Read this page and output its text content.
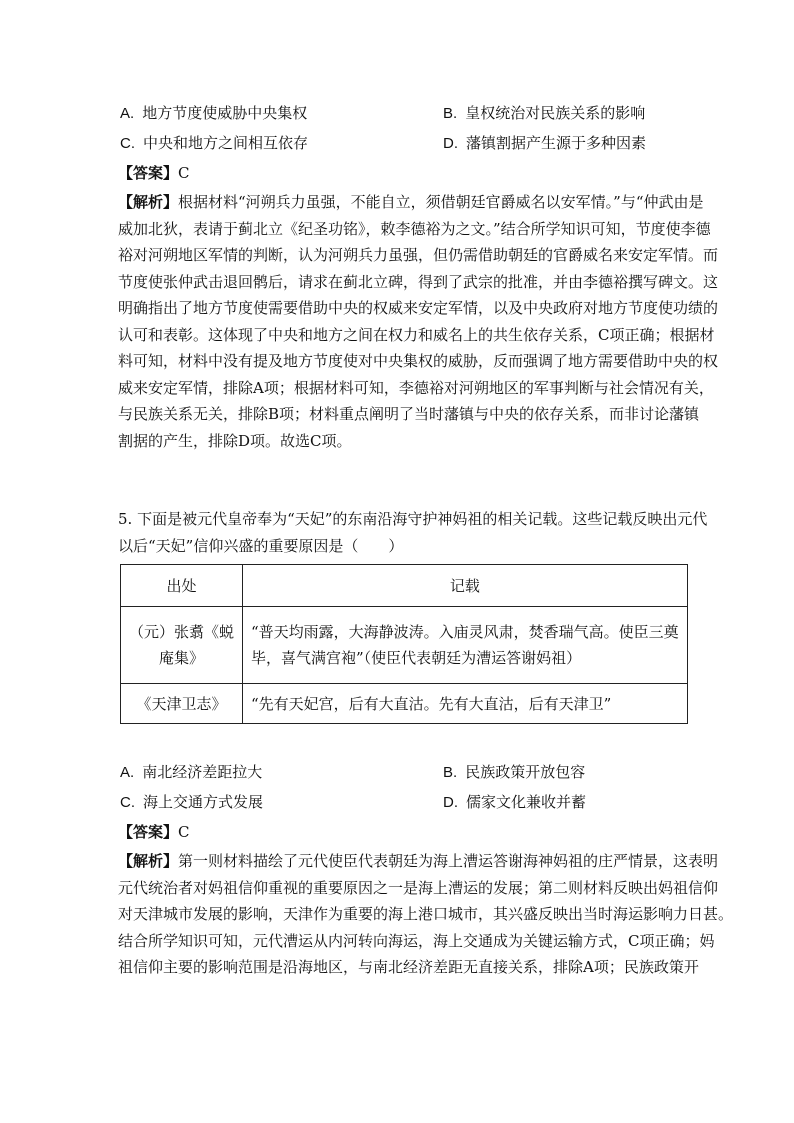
A. 地方节度使威胁中央集权	B. 皇权统治对民族关系的影响
C. 中央和地方之间相互依存	D. 藩镇割据产生源于多种因素
【答案】C
【解析】根据材料“河朔兵力虽强，不能自立，须借朝廷官爵威名以安军情。”与“仲武由是
威加北狄，表请于蓟北立《纪圣功铭》，敕李德裕为之文。”结合所学知识可知，节度使李德
裕对河朔地区军情的判断，认为河朔兵力虽强，但仍需借助朝廷的官爵威名来安定军情。而
节度使张仲武击退回鹘后，请求在蓟北立碑，得到了武宗的批准，并由李德裕撰写碑文。这
明确指出了地方节度使需要借助中央的权威来安定军情，以及中央政府对地方节度使功绩的
认可和表彰。这体现了中央和地方之间在权力和威名上的共生依存关系，C项正确；根据材
料可知，材料中没有提及地方节度使对中央集权的威胁，反而强调了地方需要借助中央的权
威来安定军情，排除A项；根据材料可知，李德裕对河朔地区的军事判断与社会情况有关，
与民族关系无关，排除B项；材料重点阐明了当时藩镇与中央的依存关系，而非讨论藩镇
割据的产生，排除D项。故选C项。
5. 下面是被元代皇帝奉为“天妃”的东南沿海守护神妈祖的相关记载。这些记载反映出元代
以后“天妃”信仰兴盛的重要原因是（　　）
出处	记载

（元）张翥《蜕
庵集》	“普天均雨露，大海静波涛。入庙灵风肃，焚香瑞气高。使臣三奠
毕，喜气满宫袍”（使臣代表朝廷为漕运答谢妈祖）

《天津卫志》	“先有天妃宫，后有大直沽。先有大直沽，后有天津卫”
A. 南北经济差距拉大	B. 民族政策开放包容
C. 海上交通方式发展	D. 儒家文化兼收并蓄
【答案】C
【解析】第一则材料描绘了元代使臣代表朝廷为海上漕运答谢海神妈祖的庄严情景，这表明
元代统治者对妈祖信仰重视的重要原因之一是海上漕运的发展；第二则材料反映出妈祖信仰
对天津城市发展的影响，天津作为重要的海上港口城市，其兴盛反映出当时海运影响力日甚。
结合所学知识可知，元代漕运从内河转向海运，海上交通成为关键运输方式，C项正确；妈
祖信仰主要的影响范围是沿海地区，与南北经济差距无直接关系，排除A项；民族政策开
